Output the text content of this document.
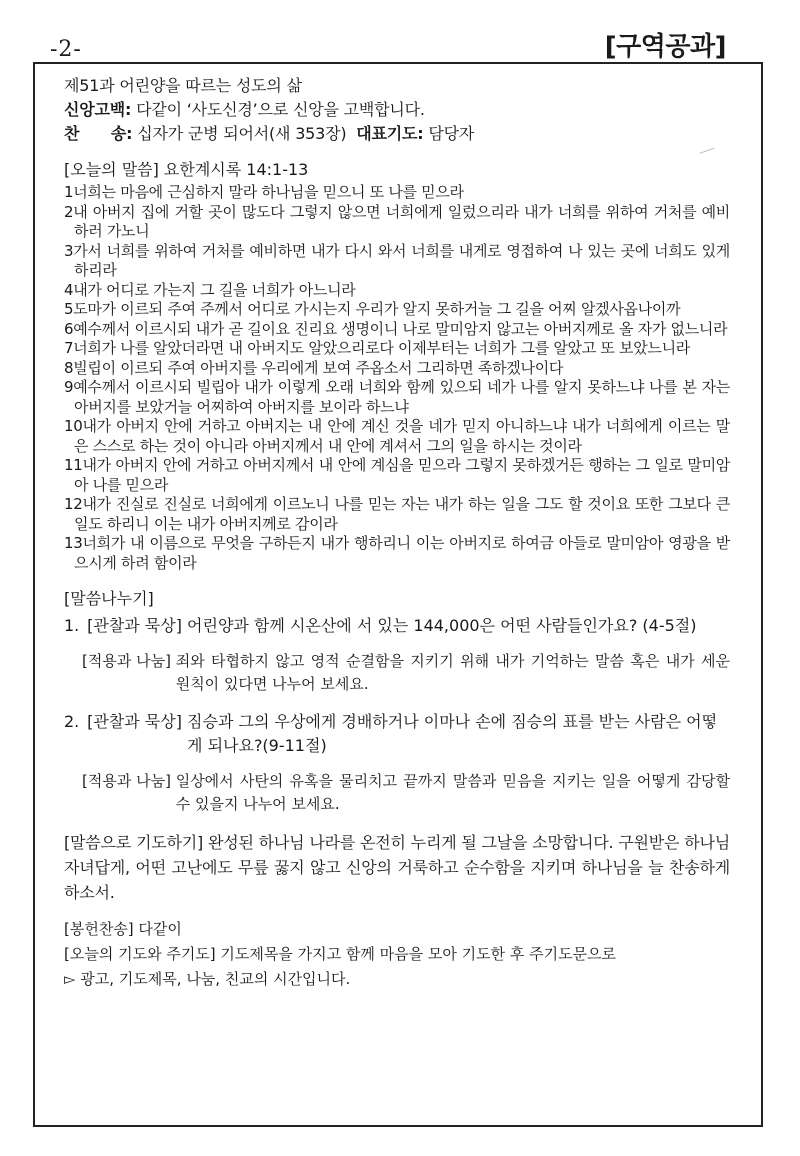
-2-	[구역공과]
제51과 어린양을 따르는 성도의 삶
신앙고백: 다같이 ‘사도신경’으로 신앙을 고백합니다.
찬　　송: 십자가 군병 되어서(새 353장) 대표기도: 담당자
[오늘의 말씀] 요한계시록 14:1-13
1너희는 마음에 근심하지 말라 하나님을 믿으니 또 나를 믿으라
2내 아버지 집에 거할 곳이 많도다 그렇지 않으면 너희에게 일렀으리라 내가 너희를 위하여 거처를 예비하러 가노니
3가서 너희를 위하여 거처를 예비하면 내가 다시 와서 너희를 내게로 영접하여 나 있는 곳에 너희도 있게 하리라
4내가 어디로 가는지 그 길을 너희가 아느니라
5도마가 이르되 주여 주께서 어디로 가시는지 우리가 알지 못하거늘 그 길을 어찌 알겠사옵나이까
6예수께서 이르시되 내가 곧 길이요 진리요 생명이니 나로 말미암지 않고는 아버지께로 올 자가 없느니라
7너희가 나를 알았더라면 내 아버지도 알았으리로다 이제부터는 너희가 그를 알았고 또 보았느니라
8빌립이 이르되 주여 아버지를 우리에게 보여 주옵소서 그리하면 족하겠나이다
9예수께서 이르시되 빌립아 내가 이렇게 오래 너희와 함께 있으되 네가 나를 알지 못하느냐 나를 본 자는 아버지를 보았거늘 어찌하여 아버지를 보이라 하느냐
10내가 아버지 안에 거하고 아버지는 내 안에 계신 것을 네가 믿지 아니하느냐 내가 너희에게 이르는 말은 스스로 하는 것이 아니라 아버지께서 내 안에 계셔서 그의 일을 하시는 것이라
11내가 아버지 안에 거하고 아버지께서 내 안에 계심을 믿으라 그렇지 못하겠거든 행하는 그 일로 말미암아 나를 믿으라
12내가 진실로 진실로 너희에게 이르노니 나를 믿는 자는 내가 하는 일을 그도 할 것이요 또한 그보다 큰 일도 하리니 이는 내가 아버지께로 감이라
13너희가 내 이름으로 무엇을 구하든지 내가 행하리니 이는 아버지로 하여금 아들로 말미암아 영광을 받으시게 하려 함이라
[말씀나누기]
1. [관찰과 묵상] 어린양과 함께 시온산에 서 있는 144,000은 어떤 사람들인가요? (4-5절)
[적용과 나눔] 죄와 타협하지 않고 영적 순결함을 지키기 위해 내가 기억하는 말씀 혹은 내가 세운 원칙이 있다면 나누어 보세요.
2. [관찰과 묵상] 짐승과 그의 우상에게 경배하거나 이마나 손에 짐승의 표를 받는 사람은 어떻게 되나요?(9-11절)
[적용과 나눔] 일상에서 사탄의 유혹을 물리치고 끝까지 말씀과 믿음을 지키는 일을 어떻게 감당할 수 있을지 나누어 보세요.
[말씀으로 기도하기] 완성된 하나님 나라를 온전히 누리게 될 그날을 소망합니다. 구원받은 하나님 자녀답게, 어떤 고난에도 무릎 꿇지 않고 신앙의 거룩하고 순수함을 지키며 하나님을 늘 찬송하게 하소서.
[봉헌찬송] 다같이
[오늘의 기도와 주기도] 기도제목을 가지고 함께 마음을 모아 기도한 후 주기도문으로
▻ 광고, 기도제목, 나눔, 친교의 시간입니다.
